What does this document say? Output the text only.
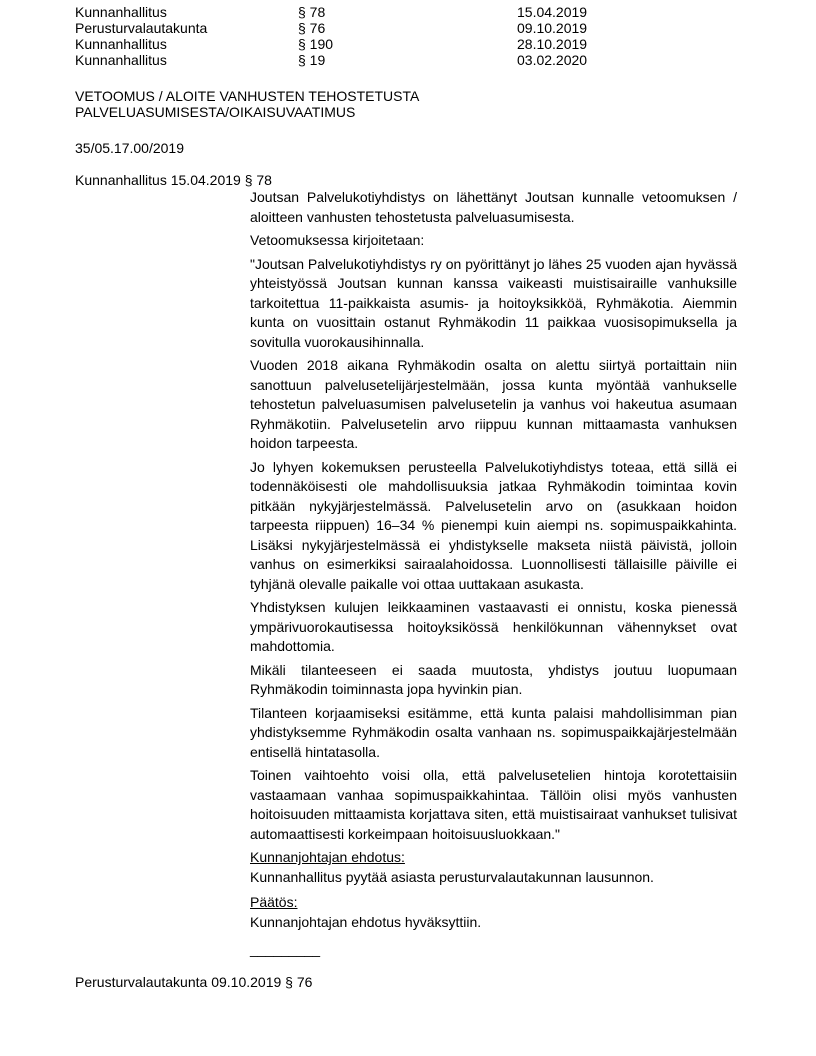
Kunnanhallitus	§ 78	15.04.2019
Perusturvalautakunta	§ 76	09.10.2019
Kunnanhallitus	§ 190	28.10.2019
Kunnanhallitus	§ 19	03.02.2020
VETOOMUS / ALOITE VANHUSTEN TEHOSTETUSTA
PALVELUASUMISESTA/OIKAISUVAATIMUS
35/05.17.00/2019
Kunnanhallitus 15.04.2019 § 78

Joutsan Palvelukotiyhdistys on lähettänyt Joutsan kunnalle vetoomuksen / aloitteen vanhusten tehostetusta palveluasumisesta.

Vetoomuksessa kirjoitetaan:

"Joutsan Palvelukotiyhdistys ry on pyörittänyt jo lähes 25 vuoden ajan hyvässä yhteistyössä Joutsan kunnan kanssa vaikeasti muistisairaille vanhuksille tarkoitettua 11-paikkaista asumis- ja hoitoyksikköä, Ryhmäkotia. Aiemmin kunta on vuosittain ostanut Ryhmäkodin 11 paikkaa vuosisopimuksella ja sovitulla vuorokausihinnalla.

Vuoden 2018 aikana Ryhmäkodin osalta on alettu siirtyä portaittain niin sanottuun palvelusetelijärjestelmään, jossa kunta myöntää vanhukselle tehostetun palveluasumisen palvelusetelin ja vanhus voi hakeutua asumaan Ryhmäkotiin. Palvelusetelin arvo riippuu kunnan mittaamasta vanhuksen hoidon tarpeesta.

Jo lyhyen kokemuksen perusteella Palvelukotiyhdistys toteaa, että sillä ei todennäköisesti ole mahdollisuuksia jatkaa Ryhmäkodin toimintaa kovin pitkään nykyjärjestelmässä. Palvelusetelin arvo on (asukkaan hoidon tarpeesta riippuen) 16–34 % pienempi kuin aiempi ns. sopimuspaikkahinta. Lisäksi nykyjärjestelmässä ei yhdistykselle makseta niistä päivistä, jolloin vanhus on esimerkiksi sairaalahoidossa. Luonnollisesti tällaisille päiville ei tyhjänä olevalle paikalle voi ottaa uuttakaan asukasta.

Yhdistyksen kulujen leikkaaminen vastaavasti ei onnistu, koska pienessä ympärivuorokautisessa hoitoyksikössä henkilökunnan vähennykset ovat mahdottomia.

Mikäli tilanteeseen ei saada muutosta, yhdistys joutuu luopumaan Ryhmäkodin toiminnasta jopa hyvinkin pian.

Tilanteen korjaamiseksi esitämme, että kunta palaisi mahdollisimman pian yhdistyksemme Ryhmäkodin osalta vanhaan ns. sopimuspaikkajärjestelmään entisellä hintatasolla.

Toinen vaihtoehto voisi olla, että palvelusetelien hintoja korotettaisiin vastaamaan vanhaa sopimuspaikkahintaa. Tällöin olisi myös vanhusten hoitoisuuden mittaamista korjattava siten, että muistisairaat vanhukset tulisivat automaattisesti korkeimpaan hoitoisuusluokkaan."

Kunnanjohtajan ehdotus:
Kunnanhallitus pyytää asiasta perusturvalautakunnan lausunnon.
Päätös:
Kunnanjohtajan ehdotus hyväksyttiin.
_________
Perusturvalautakunta 09.10.2019 § 76
